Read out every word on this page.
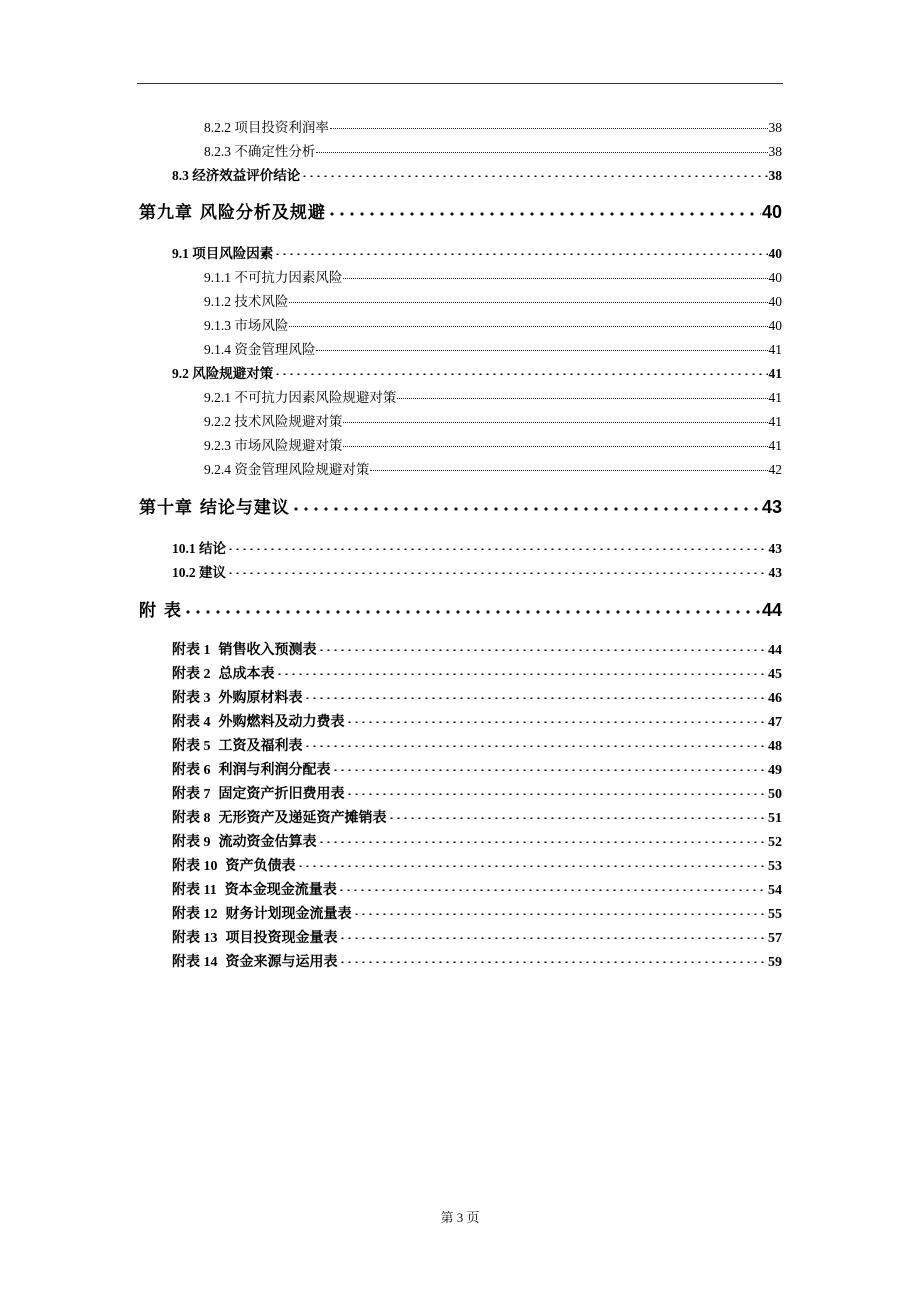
8.2.2 项目投资利润率	38
8.2.3 不确定性分析	38
8.3 经济效益评价结论	38
第九章 风险分析及规避	40
9.1 项目风险因素	40
9.1.1 不可抗力因素风险	40
9.1.2 技术风险	40
9.1.3 市场风险	40
9.1.4 资金管理风险	41
9.2 风险规避对策	41
9.2.1 不可抗力因素风险规避对策	41
9.2.2 技术风险规避对策	41
9.2.3 市场风险规避对策	41
9.2.4 资金管理风险规避对策	42
第十章 结论与建议	43
10.1 结论	43
10.2 建议	43
附 表	44
附表 1 销售收入预测表	44
附表 2 总成本表	45
附表 3 外购原材料表	46
附表 4 外购燃料及动力费表	47
附表 5 工资及福利表	48
附表 6 利润与利润分配表	49
附表 7 固定资产折旧费用表	50
附表 8 无形资产及递延资产摊销表	51
附表 9 流动资金估算表	52
附表 10 资产负债表	53
附表 11 资本金现金流量表	54
附表 12 财务计划现金流量表	55
附表 13 项目投资现金量表	57
附表 14 资金来源与运用表	59
第 3 页
